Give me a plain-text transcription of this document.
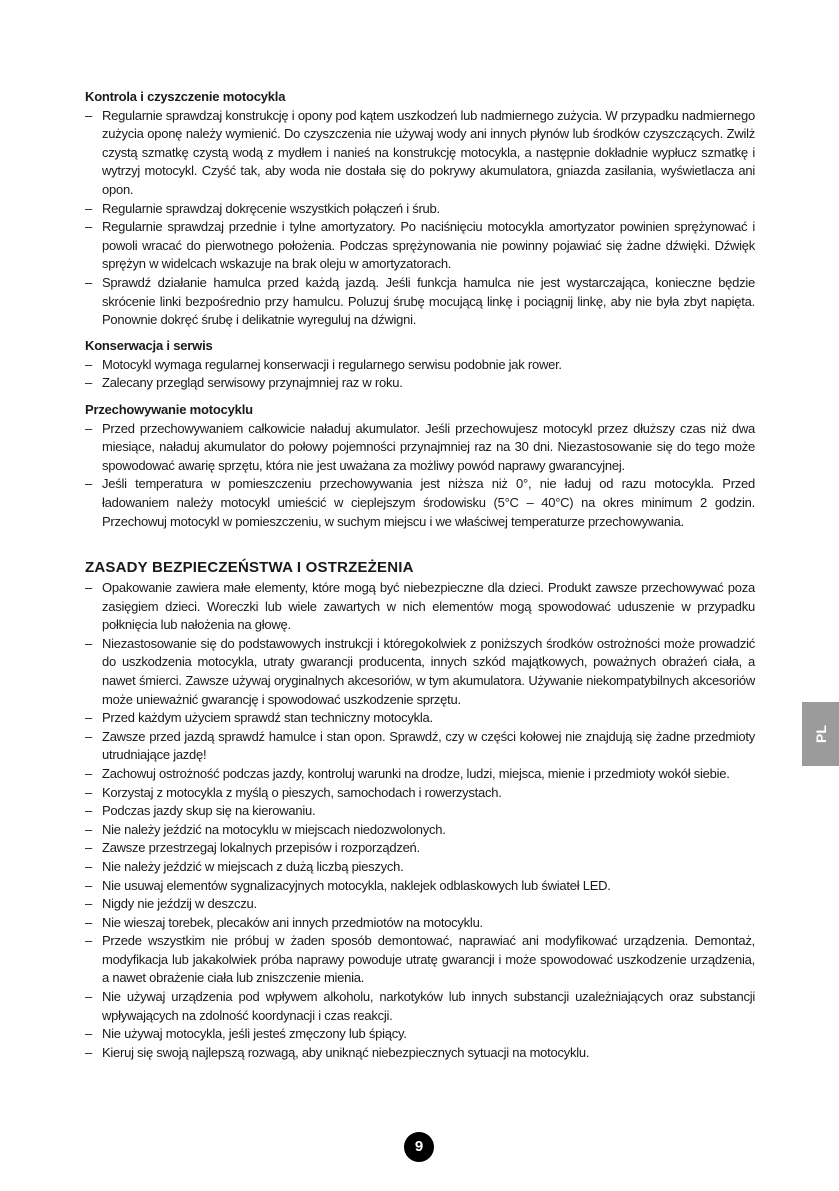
Kontrola i czyszczenie motocykla
– Regularnie sprawdzaj konstrukcję i opony pod kątem uszkodzeń lub nadmiernego zużycia. W przypadku nadmiernego zużycia oponę należy wymienić. Do czyszczenia nie używaj wody ani innych płynów lub środków czyszczących. Zwilż czystą szmatkę czystą wodą z mydłem i nanieś na konstrukcję motocykla, a następnie dokładnie wypłucz szmatkę i wytrzyj motocykl. Czyść tak, aby woda nie dostała się do pokrywy akumulatora, gniazda zasilania, wyświetlacza ani opon.
– Regularnie sprawdzaj dokręcenie wszystkich połączeń i śrub.
– Regularnie sprawdzaj przednie i tylne amortyzatory. Po naciśnięciu motocykla amortyzator powinien sprężynować i powoli wracać do pierwotnego położenia. Podczas sprężynowania nie powinny pojawiać się żadne dźwięki. Dźwięk sprężyn w widelcach wskazuje na brak oleju w amortyzatorach.
– Sprawdź działanie hamulca przed każdą jazdą. Jeśli funkcja hamulca nie jest wystarczająca, konieczne będzie skrócenie linki bezpośrednio przy hamulcu. Poluzuj śrubę mocującą linkę i pociągnij linkę, aby nie była zbyt napięta. Ponownie dokręć śrubę i delikatnie wyreguluj na dźwigni.
Konserwacja i serwis
– Motocykl wymaga regularnej konserwacji i regularnego serwisu podobnie jak rower.
– Zalecany przegląd serwisowy przynajmniej raz w roku.
Przechowywanie motocyklu
– Przed przechowywaniem całkowicie naładuj akumulator. Jeśli przechowujesz motocykl przez dłuższy czas niż dwa miesiące, naładuj akumulator do połowy pojemności przynajmniej raz na 30 dni. Niezastosowanie się do tego może spowodować awarię sprzętu, która nie jest uważana za możliwy powód naprawy gwarancyjnej.
– Jeśli temperatura w pomieszczeniu przechowywania jest niższa niż 0°, nie ładuj od razu motocykla. Przed ładowaniem należy motocykl umieścić w cieplejszym środowisku (5°C – 40°C) na okres minimum 2 godzin. Przechowuj motocykl w pomieszczeniu, w suchym miejscu i we właściwej temperaturze przechowywania.
ZASADY BEZPIECZEŃSTWA I OSTRZEŻENIA
– Opakowanie zawiera małe elementy, które mogą być niebezpieczne dla dzieci. Produkt zawsze przechowywać poza zasięgiem dzieci. Woreczki lub wiele zawartych w nich elementów mogą spowodować uduszenie w przypadku połknięcia lub nałożenia na głowę.
– Niezastosowanie się do podstawowych instrukcji i któregokolwiek z poniższych środków ostrożności może prowadzić do uszkodzenia motocykla, utraty gwarancji producenta, innych szkód majątkowych, poważnych obrażeń ciała, a nawet śmierci. Zawsze używaj oryginalnych akcesoriów, w tym akumulatora. Używanie niekompatybilnych akcesoriów może unieważnić gwarancję i spowodować uszkodzenie sprzętu.
– Przed każdym użyciem sprawdź stan techniczny motocykla.
– Zawsze przed jazdą sprawdź hamulce i stan opon. Sprawdź, czy w części kołowej nie znajdują się żadne przedmioty utrudniające jazdę!
– Zachowuj ostrożność podczas jazdy, kontroluj warunki na drodze, ludzi, miejsca, mienie i przedmioty wokół siebie.
– Korzystaj z motocykla z myślą o pieszych, samochodach i rowerzystach.
– Podczas jazdy skup się na kierowaniu.
– Nie należy jeździć na motocyklu w miejscach niedozwolonych.
– Zawsze przestrzegaj lokalnych przepisów i rozporządzeń.
– Nie należy jeździć w miejscach z dużą liczbą pieszych.
– Nie usuwaj elementów sygnalizacyjnych motocykla, naklejek odblaskowych lub świateł LED.
– Nigdy nie jeździj w deszczu.
– Nie wieszaj torebek, plecaków ani innych przedmiotów na motocyklu.
– Przede wszystkim nie próbuj w żaden sposób demontować, naprawiać ani modyfikować urządzenia. Demontaż, modyfikacja lub jakakolwiek próba naprawy powoduje utratę gwarancji i może spowodować uszkodzenie urządzenia, a nawet obrażenie ciała lub zniszczenie mienia.
– Nie używaj urządzenia pod wpływem alkoholu, narkotyków lub innych substancji uzależniających oraz substancji wpływających na zdolność koordynacji i czas reakcji.
– Nie używaj motocykla, jeśli jesteś zmęczony lub śpiący.
– Kieruj się swoją najlepszą rozwagą, aby uniknąć niebezpiecznych sytuacji na motocyklu.
PL
9
